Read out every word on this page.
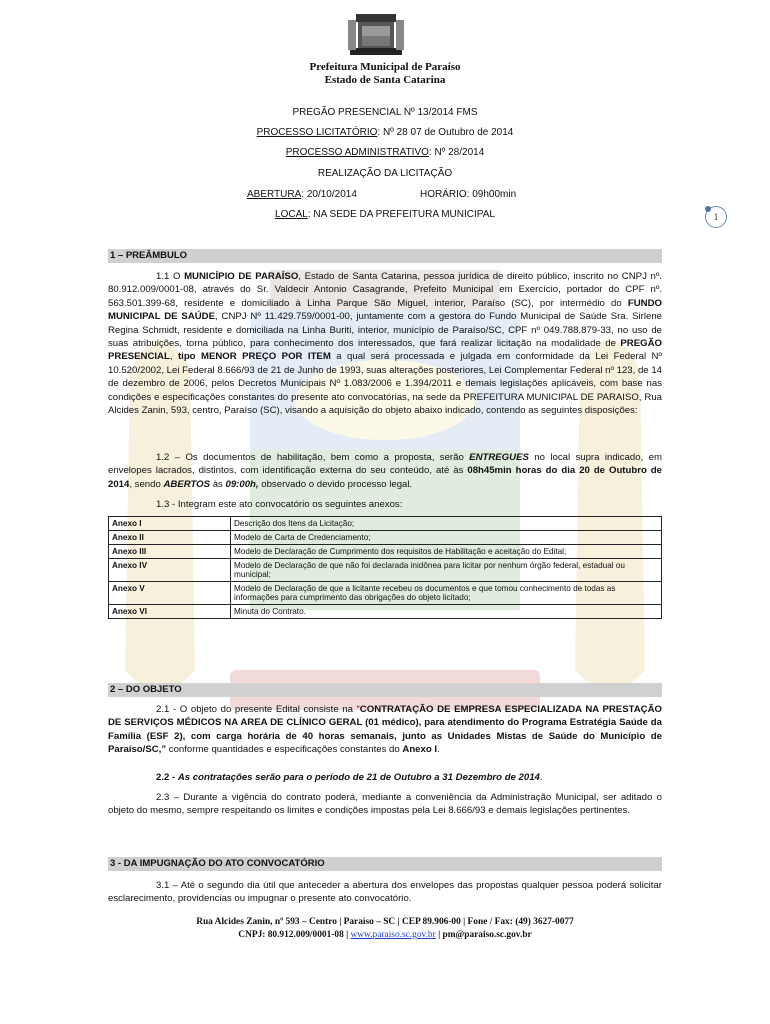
Prefeitura Municipal de Paraíso
Estado de Santa Catarina
PREGÃO PRESENCIAL Nº 13/2014 FMS
PROCESSO LICITATÓRIO: Nº 28 07 de Outubro de 2014
PROCESSO ADMINISTRATIVO: Nº 28/2014
REALIZAÇÃO DA LICITAÇÃO
ABERTURA: 20/10/2014	HORÁRIO: 09h00min
LOCAL: NA SEDE DA PREFEITURA MUNICIPAL	1
1 – PREÂMBULO
1.1 O MUNICÍPIO DE PARAÍSO, Estado de Santa Catarina, pessoa jurídica de direito público, inscrito no CNPJ nº. 80.912.009/0001-08, através do Sr. Valdecir Antonio Casagrande, Prefeito Municipal em Exercício, portador do CPF nº. 563.501.399-68, residente e domiciliado à Linha Parque São Miguel, interior, Paraíso (SC), por intermédio do FUNDO MUNICIPAL DE SAÚDE, CNPJ Nº 11.429.759/0001-00, juntamente com a gestora do Fundo Municipal de Saúde Sra. Sirlene Regina Schmidt, residente e domiciliada na Linha Buriti, interior, município de Paraíso/SC, CPF nº 049.788.879-33, no uso de suas atribuições, torna público, para conhecimento dos interessados, que fará realizar licitação na modalidade de PREGÃO PRESENCIAL, tipo MENOR PREÇO POR ITEM a qual será processada e julgada em conformidade da Lei Federal Nº 10.520/2002, Lei Federal 8.666/93 de 21 de Junho de 1993, suas alterações posteriores, Lei Complementar Federal nº 123, de 14 de dezembro de 2006, pelos Decretos Municipais Nº 1.083/2006 e 1.394/2011 e demais legislações aplicáveis, com base nas condições e especificações constantes do presente ato convocatórias, na sede da PREFEITURA MUNICIPAL DE PARAISO, Rua Alcides Zanin, 593, centro, Paraíso (SC), visando a aquisição do objeto abaixo indicado, contendo as seguintes disposições:
1.2 – Os documentos de habilitação, bem como a proposta, serão ENTREGUES no local supra indicado, em envelopes lacrados, distintos, com identificação externa do seu conteúdo, até às 08h45min horas do dia 20 de Outubro de 2014, sendo ABERTOS às 09:00h, observado o devido processo legal.
1.3 - Integram este ato convocatório os seguintes anexos:
Anexo I	Descrição dos Itens da Licitação;
Anexo II	Modelo de Carta de Credenciamento;
Anexo III	Modelo de Declaração de Cumprimento dos requisitos de Habilitação e aceitação do Edital;
Anexo IV	Modelo de Declaração de que não foi declarada inidônea para licitar por nenhum órgão federal, estadual ou municipal;
Anexo V	Modelo de Declaração de que a licitante recebeu os documentos e que tomou conhecimento de todas as informações para cumprimento das obrigações do objeto licitado;
Anexo VI	Minuta do Contrato.
2 – DO OBJETO
2.1 - O objeto do presente Edital consiste na “CONTRATAÇÃO DE EMPRESA ESPECIALIZADA NA PRESTAÇÃO DE SERVIÇOS MÉDICOS NA AREA DE CLÍNICO GERAL (01 médico), para atendimento do Programa Estratégia Saúde da Família (ESF 2), com carga horária de 40 horas semanais, junto as Unidades Mistas de Saúde do Município de Paraíso/SC,” conforme quantidades e especificações constantes do Anexo I.
2.2 - As contratações serão para o período de 21 de Outubro a 31 Dezembro de 2014.
2.3 – Durante a vigência do contrato poderá, mediante a conveniência da Administração Municipal, ser aditado o objeto do mesmo, sempre respeitando os limites e condições impostas pela Lei 8.666/93 e demais legislações pertinentes.
3 - DA IMPUGNAÇÃO DO ATO CONVOCATÓRIO
3.1 – Até o segundo dia útil que anteceder a abertura dos envelopes das propostas qualquer pessoa poderá solicitar esclarecimento, providencias ou impugnar o presente ato convocatório.
Rua Alcides Zanin, nº 593 – Centro | Paraíso – SC | CEP 89.906-00 | Fone / Fax: (49) 3627-0077
CNPJ: 80.912.009/0001-08 | www.paraiso.sc.gov.br | pm@paraiso.sc.gov.br
